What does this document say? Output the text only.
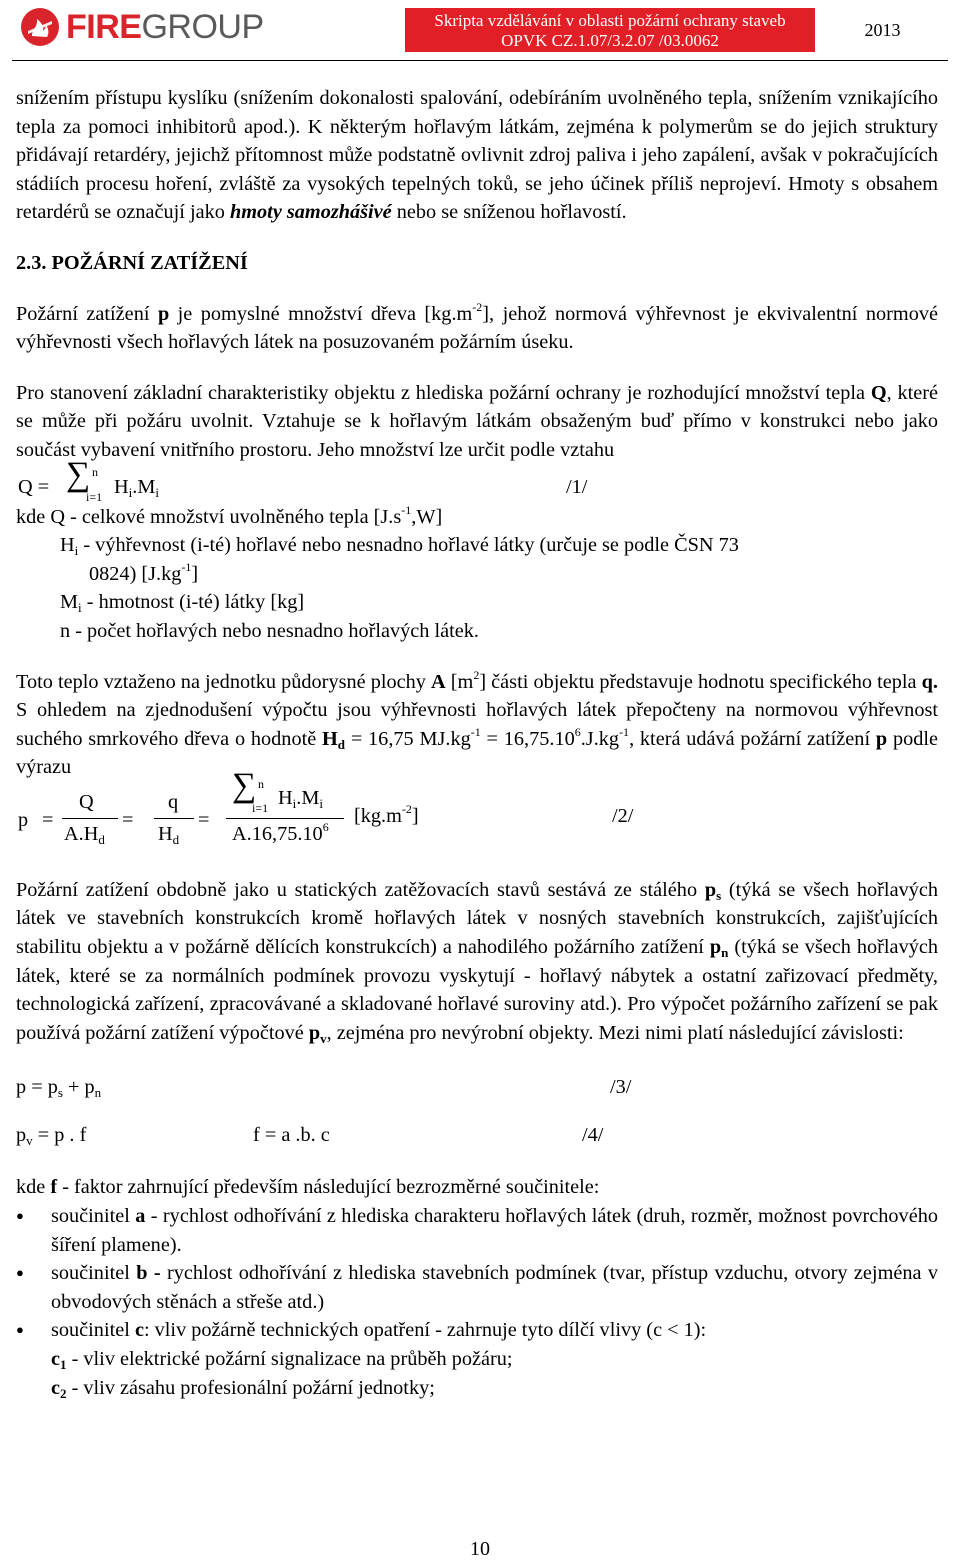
FIREGROUP	Skripta vzdělávání v oblasti požární ochrany staveb
OPVK CZ.1.07/3.2.07 /03.0062
2013

snížením přístupu kyslíku (snížením dokonalosti spalování, odebíráním uvolněného tepla, snížením vznikajícího tepla za pomoci inhibitorů apod.). K některým hořlavým látkám, zejména k polymerům se do jejich struktury přidávají retardéry, jejichž přítomnost může podstatně ovlivnit zdroj paliva i jeho zapálení, avšak v pokračujících stádiích procesu hoření, zvláště za vysokých tepelných toků, se jeho účinek příliš neprojeví. Hmoty s obsahem retardérů se označují jako hmoty samozhášivé nebo se sníženou hořlavostí.

2.3. POŽÁRNÍ ZATÍŽENÍ

Požární zatížení p je pomyslné množství dřeva $[kg.m^{-2}]$, jehož normová výhřevnost je ekvivalentní normové výhřevnosti všech hořlavých látek na posuzovaném požárním úseku.

Pro stanovení základní charakteristiky objektu z hlediska požární ochrany je rozhodující množství tepla Q, které se může při požáru uvolnit. Vztahuje se k hořlavým látkám obsaženým buď přímo v konstrukci nebo jako součást vybavení vnitřního prostoru. Jeho množství lze určit podle vztahu

Q = ∑ n
i=1 $H_i.M_i$	/1/

kde Q - celkové množství uvolněného tepla $[J.s^{-1},W]$

$H_i$ - výhřevnost (i-té) hořlavé nebo nesnadno hořlavé látky (určuje se podle ČSN 73

0824) $[J.kg^{-1}]$

$M_i$ - hmotnost (i-té) látky [kg]

n - počet hořlavých nebo nesnadno hořlavých látek.

Toto teplo vztaženo na jednotku půdorysné plochy A $[m^2]$ části objektu představuje hodnotu specifického tepla q. S ohledem na zjednodušení výpočtu jsou výhřevnosti hořlavých látek přepočteny na normovou výhřevnost suchého smrkového dřeva o hodnotě $H_d = 16,75$ $MJ.kg^{-1} = 16,75.10^6.J.kg^{-1}$, která udává požární zatížení p podle výrazu

p =
Q
$A.H_d$
=
q
$H_d$
=
∑ n
i=1 $H_i.M_i$
A.16,75.10$^6$ $[kg.m^{-2}]$	/2/

Požární zatížení obdobně jako u statických zatěžovacích stavů sestává ze stálého $p_s$ (týká se všech hořlavých látek ve stavebních konstrukcích kromě hořlavých látek v nosných stavebních konstrukcích, zajišťujících stabilitu objektu a v požárně dělících konstrukcích) a nahodilého požárního zatížení $p_n$ (týká se všech hořlavých látek, které se za normálních podmínek provozu vyskytují - hořlavý nábytek a ostatní zařizovací předměty, technologická zařízení, zpracovávané a skladované hořlavé suroviny atd.). Pro výpočet požárního zařízení se pak používá požární zatížení výpočtové $p_v$, zejména pro nevýrobní objekty. Mezi nimi platí následující závislosti:

$p = p_s + p_n$	/3/
$p_v = p$ . f	f = a .b. c	/4/

kde f - faktor zahrnující především následující bezrozměrné součinitele:

● součinitel a - rychlost odhořívání z hlediska charakteru hořlavých látek (druh, rozměr, možnost povrchového šíření plamene).
● součinitel b - rychlost odhořívání z hlediska stavebních podmínek (tvar, přístup vzduchu, otvory zejména v obvodových stěnách a střeše atd.)
● součinitel c: vliv požárně technických opatření - zahrnuje tyto dílčí vlivy (c < 1):

$c_1$ - vliv elektrické požární signalizace na průběh požáru;

$c_2$ - vliv zásahu profesionální požární jednotky;

10
